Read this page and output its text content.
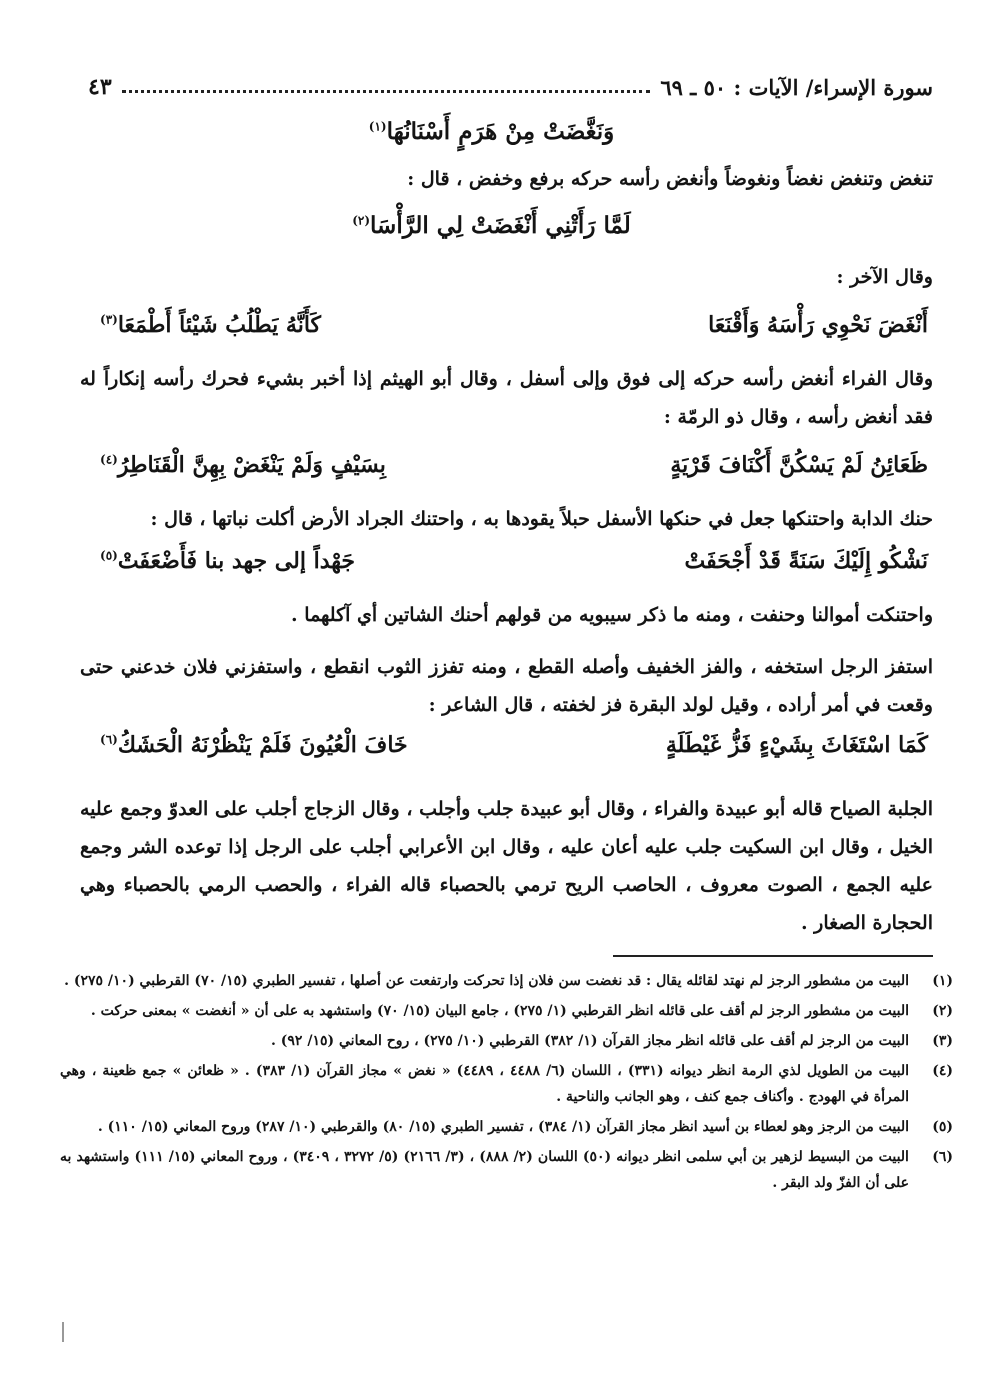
٤٣	سورة الإسراء/ الآيات : ٥٠ ـ ٦٩
وَنَغَّضَتْ مِنْ هَرَمٍ أَسْنَانُهَا$^{(١)}$
تنغض وتنغض نغضاً ونغوضاً وأنغض رأسه حركه برفع وخفض ، قال :
لَمَّا رَأَتْنِي أَنْغَضَتْ لِي الرَّأْسَا$^{(٢)}$
وقال الآخر :
أَنْغَضَ نَحْوِي رَأْسَهُ وَأَقْنَعَا
كَأَنَّهُ يَطْلُبُ شَيْئاً أَطْمَعَا$^{(٣)}$
وقال الفراء أنغض رأسه حركه إلى فوق وإلى أسفل ، وقال أبو الهيثم إذا أخبر بشيء فحرك رأسه إنكاراً له فقد أنغض رأسه ، وقال ذو الرمّة :
ظَعَائِنُ لَمْ يَسْكُنَّ أَكْنَافَ قَرْيَةٍ
بِسَيْفٍ وَلَمْ يَنْغَضْ بِهِنَّ الْقَنَاطِرُ$^{(٤)}$
حنك الدابة واحتنكها جعل في حنكها الأسفل حبلاً يقودها به ، واحتنك الجراد الأرض أكلت نباتها ، قال :
نَشْكُو إِلَيْكَ سَنَةً قَدْ أَجْحَفَتْ
جَهْداً إلى جهد بنا فَأَضْعَفَتْ$^{(٥)}$
واحتنكت أموالنا وحنفت ، ومنه ما ذكر سيبويه من قولهم أحنك الشاتين أي آكلهما .
استفز الرجل استخفه ، والفز الخفيف وأصله القطع ، ومنه تفزز الثوب انقطع ، واستفزني فلان خدعني حتى وقعت في أمر أراده ، وقيل لولد البقرة فز لخفته ، قال الشاعر :
كَمَا اسْتَغَاثَ بِشَيْءٍ فَزُّ غَيْطَلَةٍ
خَافَ الْعُيُونَ فَلَمْ يَنْظُرْنَهُ الْحَشَكُ$^{(٦)}$
الجلبة الصياح قاله أبو عبيدة والفراء ، وقال أبو عبيدة جلب وأجلب ، وقال الزجاج أجلب على العدوّ وجمع عليه الخيل ، وقال ابن السكيت جلب عليه أعان عليه ، وقال ابن الأعرابي أجلب على الرجل إذا توعده الشر وجمع عليه الجمع ، الصوت معروف ، الحاصب الريح ترمي بالحصباء قاله الفراء ، والحصب الرمي بالحصباء وهي الحجارة الصغار .
(١)
البيت من مشطور الرجز لم نهتد لقائله يقال : قد نغضت سن فلان إذا تحركت وارتفعت عن أصلها ، تفسير الطبري (١٥/ ٧٠) القرطبي (١٠/ ٢٧٥) .
(٢)
البيت من مشطور الرجز لم أقف على قائله انظر القرطبي (١/ ٢٧٥) ، جامع البيان (١٥/ ٧٠) واستشهد به على أن « أنغضت » بمعنى حركت .
(٣)
البيت من الرجز لم أقف على قائله انظر مجاز القرآن (١/ ٣٨٢) القرطبي (١٠/ ٢٧٥) ، روح المعاني (١٥/ ٩٢) .
(٤)
البيت من الطويل لذي الرمة انظر ديوانه (٣٣١) ، اللسان (٦/ ٤٤٨٨ ، ٤٤٨٩) « نغض » مجاز القرآن (١/ ٣٨٣) . « ظعائن » جمع ظعينة ، وهي المرأة في الهودج . وأكناف جمع كنف ، وهو الجانب والناحية .
(٥)
البيت من الرجز وهو لعطاء بن أسيد انظر مجاز القرآن (١/ ٣٨٤) ، تفسير الطبري (١٥/ ٨٠) والقرطبي (١٠/ ٢٨٧) وروح المعاني (١٥/ ١١٠) .
(٦)
البيت من البسيط لزهير بن أبي سلمى انظر ديوانه (٥٠) اللسان (٢/ ٨٨٨) ، (٣/ ٢١٦٦) (٥/ ٣٢٧٢ ، ٣٤٠٩) ، وروح المعاني (١٥/ ١١١) واستشهد به على أن الفزّ ولد البقر .
